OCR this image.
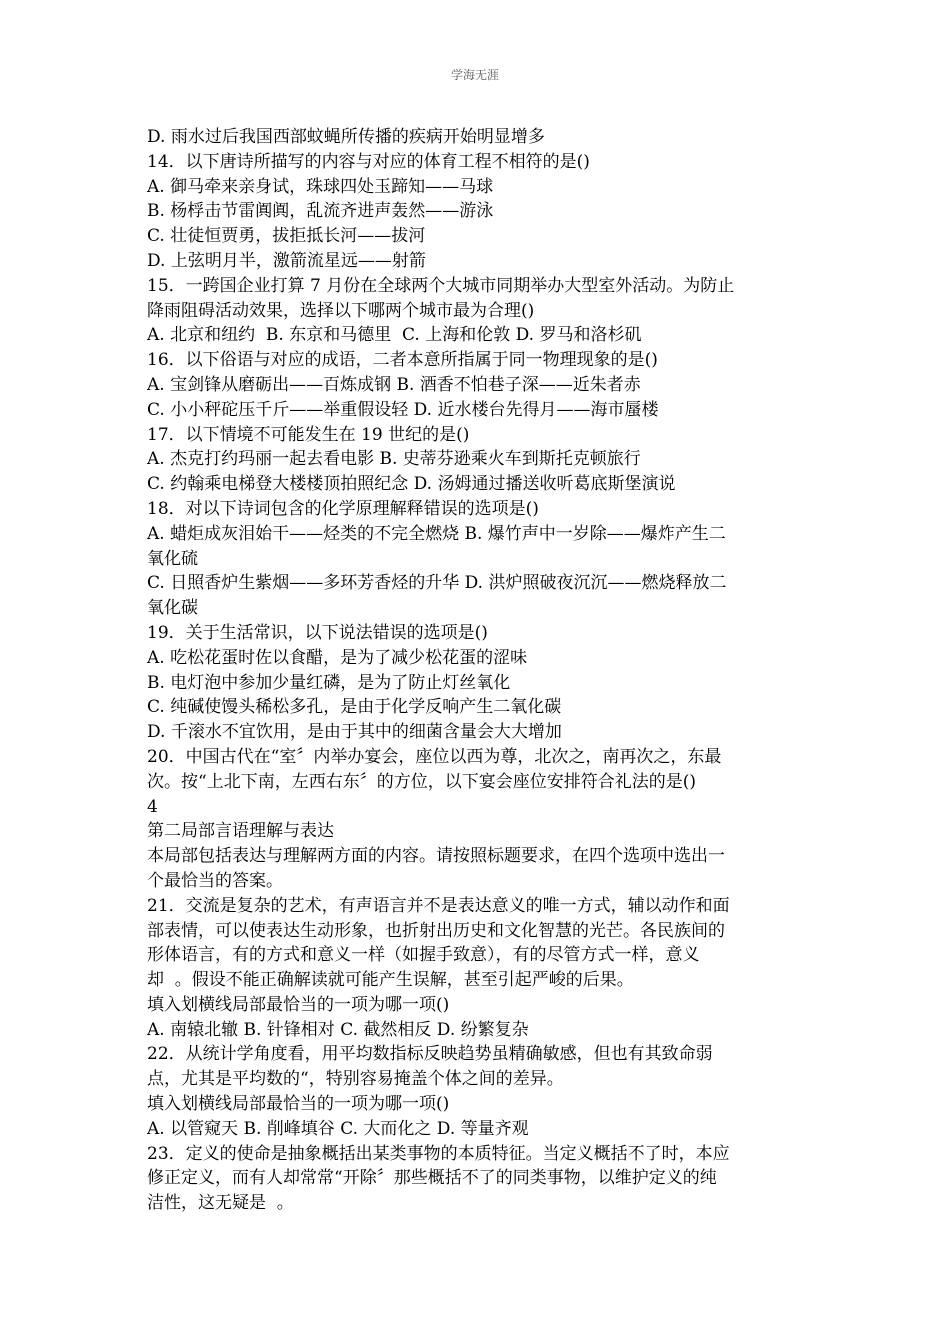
学海无涯
D. 雨水过后我国西部蚊蝇所传播的疾病开始明显增多
14．以下唐诗所描写的内容与对应的体育工程不相符的是()
A. 御马牵来亲身试，珠球四处玉蹄知——马球
B. 杨桴击节雷阗阗，乱流齐进声轰然——游泳
C. 壮徒恒贾勇，拔拒抵长河——拔河
D. 上弦明月半，激箭流星远——射箭
15．一跨国企业打算 7 月份在全球两个大城市同期举办大型室外活动。为防止
降雨阻碍活动效果，选择以下哪两个城市最为合理()
A. 北京和纽约  B. 东京和马德里  C. 上海和伦敦 D. 罗马和洛杉矶
16．以下俗语与对应的成语，二者本意所指属于同一物理现象的是()
A. 宝剑锋从磨砺出——百炼成钢 B. 酒香不怕巷子深——近朱者赤
C. 小小秤砣压千斤——举重假设轻 D. 近水楼台先得月——海市蜃楼
17．以下情境不可能发生在 19 世纪的是()
A. 杰克打约玛丽一起去看电影 B. 史蒂芬逊乘火车到斯托克顿旅行
C. 约翰乘电梯登大楼楼顶拍照纪念 D. 汤姆通过播送收听葛底斯堡演说
18．对以下诗词包含的化学原理解释错误的选项是()
A. 蜡炬成灰泪始干——烃类的不完全燃烧 B. 爆竹声中一岁除——爆炸产生二
氧化硫
C. 日照香炉生紫烟——多环芳香烃的升华 D. 洪炉照破夜沉沉——燃烧释放二
氧化碳
19．关于生活常识，以下说法错误的选项是()
A. 吃松花蛋时佐以食醋，是为了减少松花蛋的涩味
B. 电灯泡中参加少量红磷，是为了防止灯丝氧化
C. 纯碱使馒头稀松多孔，是由于化学反响产生二氧化碳
D. 千滚水不宜饮用，是由于其中的细菌含量会大大增加
20．中国古代在“室〞内举办宴会，座位以西为尊，北次之，南再次之，东最
次。按“上北下南，左西右东〞的方位，以下宴会座位安排符合礼法的是()
4
第二局部言语理解与表达
本局部包括表达与理解两方面的内容。请按照标题要求，在四个选项中选出一
个最恰当的答案。
21．交流是复杂的艺术，有声语言并不是表达意义的唯一方式，辅以动作和面
部表情，可以使表达生动形象，也折射出历史和文化智慧的光芒。各民族间的
形体语言，有的方式和意义一样（如握手致意），有的尽管方式一样，意义
却  。假设不能正确解读就可能产生误解，甚至引起严峻的后果。
填入划横线局部最恰当的一项为哪一项()
A. 南辕北辙 B. 针锋相对 C. 截然相反 D. 纷繁复杂
22．从统计学角度看，用平均数指标反映趋势虽精确敏感，但也有其致命弱
点，尤其是平均数的“，特别容易掩盖个体之间的差异。
填入划横线局部最恰当的一项为哪一项()
A. 以管窥天 B. 削峰填谷 C. 大而化之 D. 等量齐观
23．定义的使命是抽象概括出某类事物的本质特征。当定义概括不了时，本应
修正定义，而有人却常常“开除〞那些概括不了的同类事物，以维护定义的纯
洁性，这无疑是  。
